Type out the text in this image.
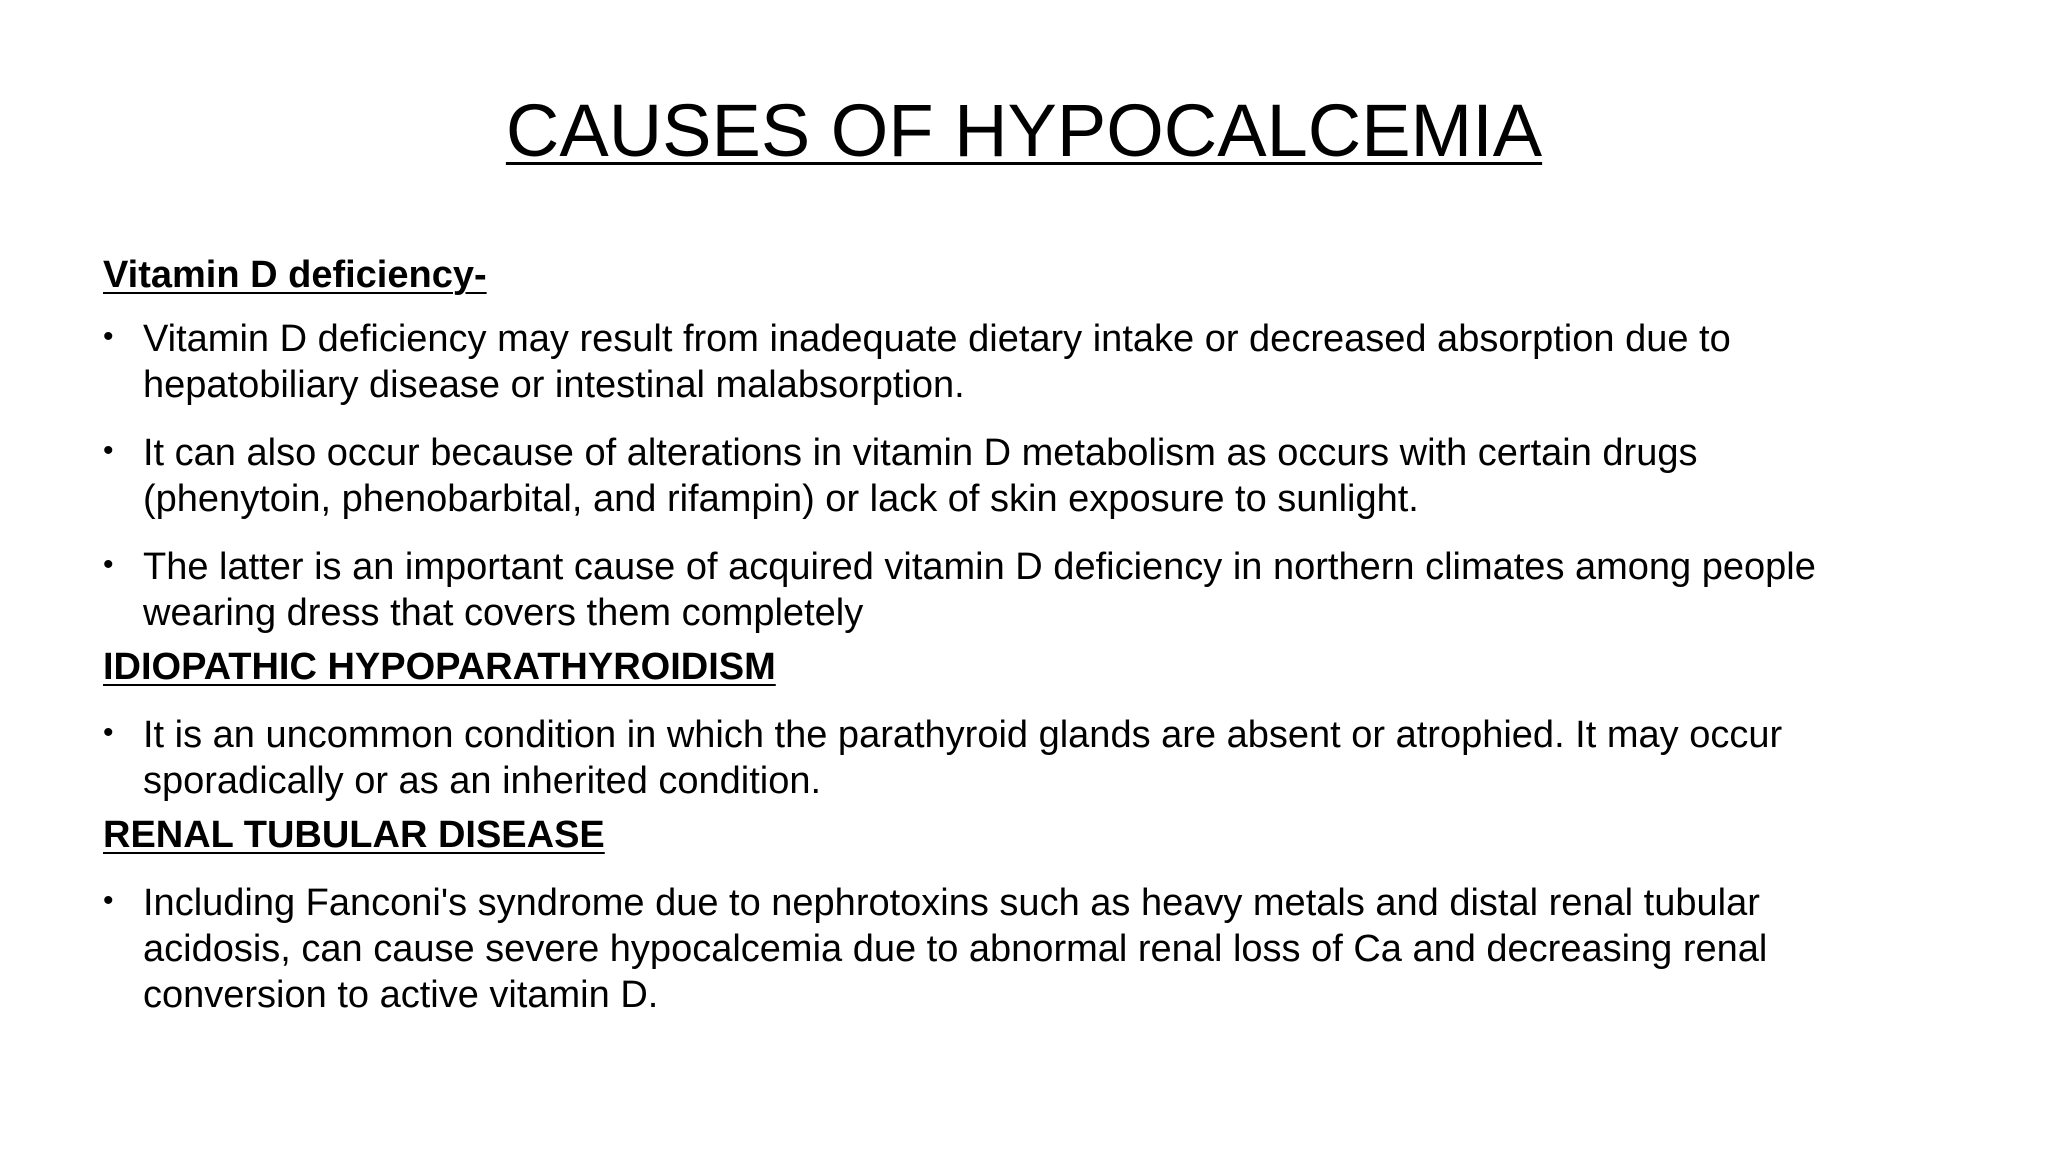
CAUSES OF HYPOCALCEMIA

Vitamin D deficiency-

• Vitamin D deficiency may result from inadequate dietary intake or decreased absorption due to hepatobiliary disease or intestinal malabsorption.
• It can also occur because of alterations in vitamin D metabolism as occurs with certain drugs (phenytoin, phenobarbital, and rifampin) or lack of skin exposure to sunlight.
• The latter is an important cause of acquired vitamin D deficiency in northern climates among people wearing dress that covers them completely

IDIOPATHIC HYPOPARATHYROIDISM

• It is an uncommon condition in which the parathyroid glands are absent or atrophied. It may occur sporadically or as an inherited condition.

RENAL TUBULAR DISEASE

• Including Fanconi's syndrome due to nephrotoxins such as heavy metals and distal renal tubular acidosis, can cause severe hypocalcemia due to abnormal renal loss of Ca and decreasing renal conversion to active vitamin D.
